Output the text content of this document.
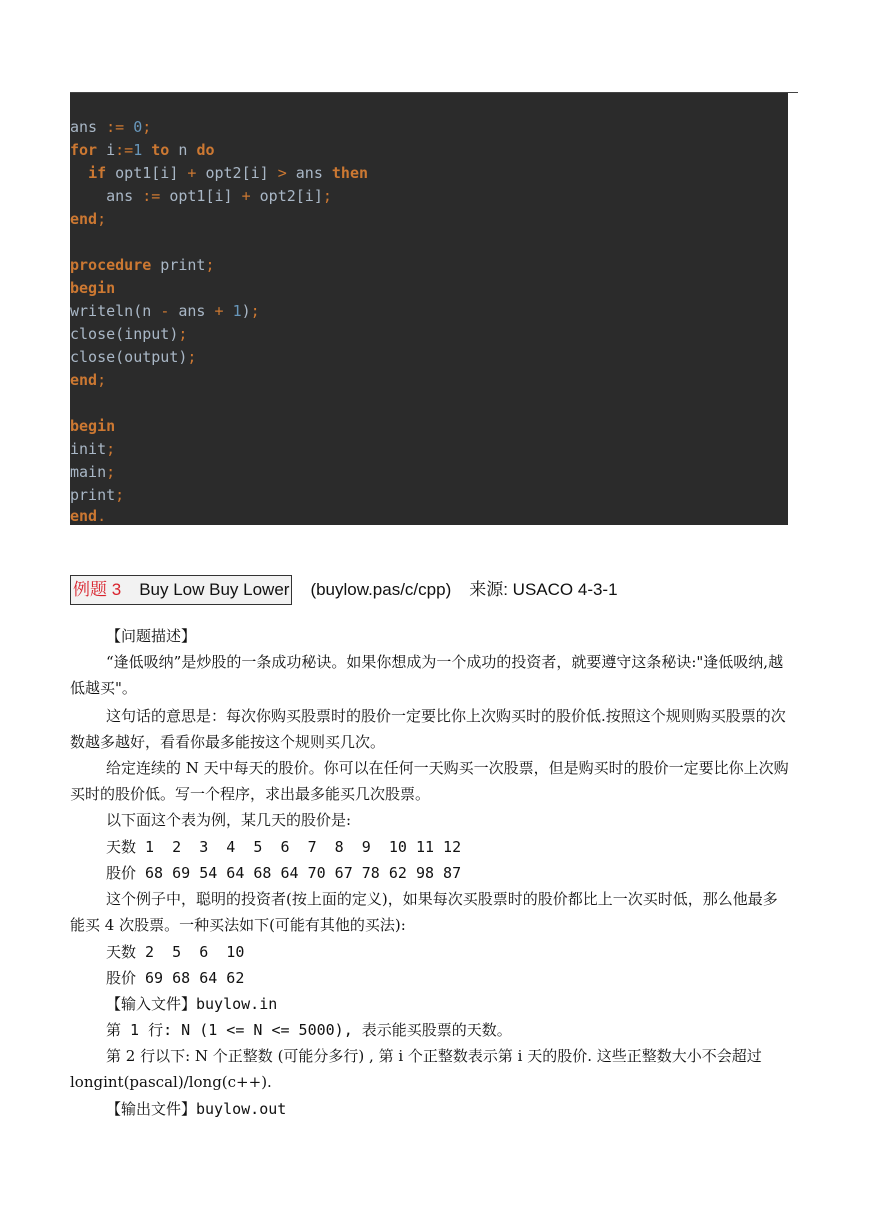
ans := 0;
for i:=1 to n do
if opt1[i] + opt2[i] > ans then
ans := opt1[i] + opt2[i];
end;
procedure print;
begin
writeln(n - ans + 1);
close(input);
close(output);
end;
begin
init;
main;
print;
end.
例题 3 Buy Low Buy Lower (buylow.pas/c/cpp) 来源: USACO 4-3-1
【问题描述】
“逢低吸纳”是炒股的一条成功秘诀。如果你想成为一个成功的投资者，就要遵守这条秘诀:"逢低吸纳,越低越买"。
这句话的意思是：每次你购买股票时的股价一定要比你上次购买时的股价低.按照这个规则购买股票的次数越多越好，看看你最多能按这个规则买几次。
给定连续的 N 天中每天的股价。你可以在任何一天购买一次股票，但是购买时的股价一定要比你上次购买时的股价低。写一个程序，求出最多能买几次股票。
以下面这个表为例，某几天的股价是:
天数 1  2  3  4  5  6  7  8  9  10 11 12
股价 68 69 54 64 68 64 70 67 78 62 98 87
这个例子中，聪明的投资者(按上面的定义)，如果每次买股票时的股价都比上一次买时低，那么他最多能买 4 次股票。一种买法如下(可能有其他的买法):
天数 2  5  6  10
股价 69 68 64 62
【输入文件】buylow.in
第 1 行: N (1 <= N <= 5000), 表示能买股票的天数。
第 2 行以下: N 个正整数 (可能分多行) , 第 i 个正整数表示第 i 天的股价. 这些正整数大小不会超过 longint(pascal)/long(c++).
【输出文件】buylow.out
